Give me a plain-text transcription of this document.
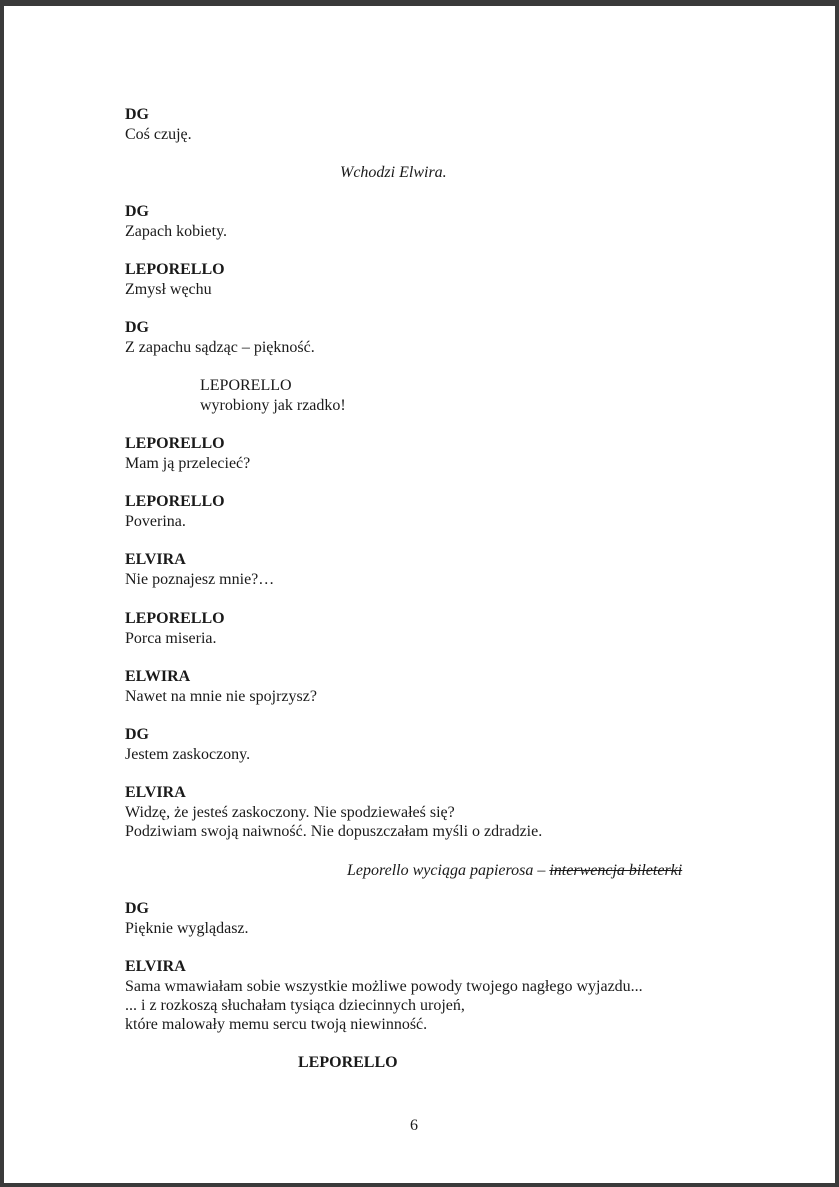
DG
Coś czuję.
Wchodzi Elwira.
DG
Zapach kobiety.
LEPORELLO
Zmysł węchu
DG
Z zapachu sądząc – piękność.
LEPORELLO
wyrobiony jak rzadko!
LEPORELLO
Mam ją przelecieć?
LEPORELLO
Poverina.
ELVIRA
Nie poznajesz mnie?…
LEPORELLO
Porca miseria.
ELWIRA
Nawet na mnie nie spojrzysz?
DG
Jestem zaskoczony.
ELVIRA
Widzę, że jesteś zaskoczony. Nie spodziewałeś się?
Podziwiam swoją naiwność. Nie dopuszczałam myśli o zdradzie.
Leporello wyciąga papierosa – interwencja bileterki
DG
Pięknie wyglądasz.
ELVIRA
Sama wmawiałam sobie wszystkie możliwe powody twojego nagłego wyjazdu...
... i z rozkoszą słuchałam tysiąca dziecinnych urojeń,
które malowały memu sercu twoją niewinność.
LEPORELLO
6
